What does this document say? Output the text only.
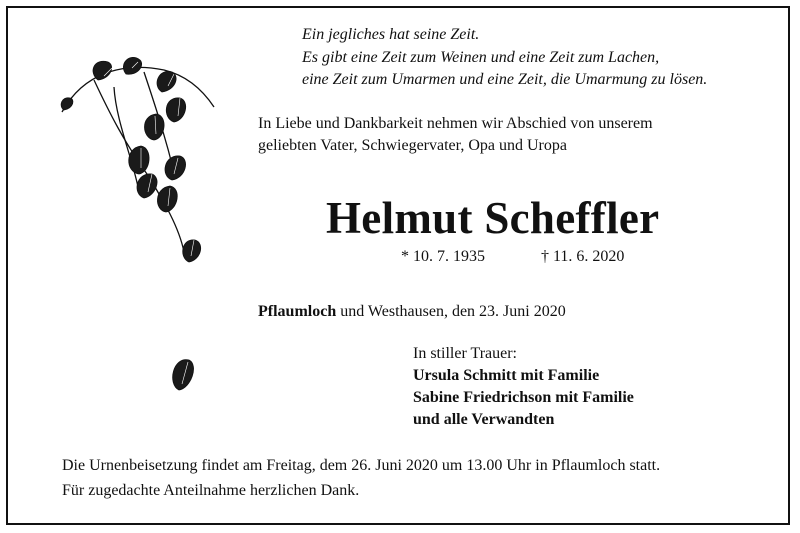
Ein jegliches hat seine Zeit.
Es gibt eine Zeit zum Weinen und eine Zeit zum Lachen,
eine Zeit zum Umarmen und eine Zeit, die Umarmung zu lösen.
In Liebe und Dankbarkeit nehmen wir Abschied von unserem
geliebten Vater, Schwiegervater, Opa und Uropa
Helmut Scheffler
* 10. 7. 1935	† 11. 6. 2020
Pflaumloch und Westhausen, den 23. Juni 2020
In stiller Trauer:
Ursula Schmitt mit Familie
Sabine Friedrichson mit Familie
und alle Verwandten
Die Urnenbeisetzung findet am Freitag, dem 26. Juni 2020 um 13.00 Uhr in Pflaumloch statt.
Für zugedachte Anteilnahme herzlichen Dank.
